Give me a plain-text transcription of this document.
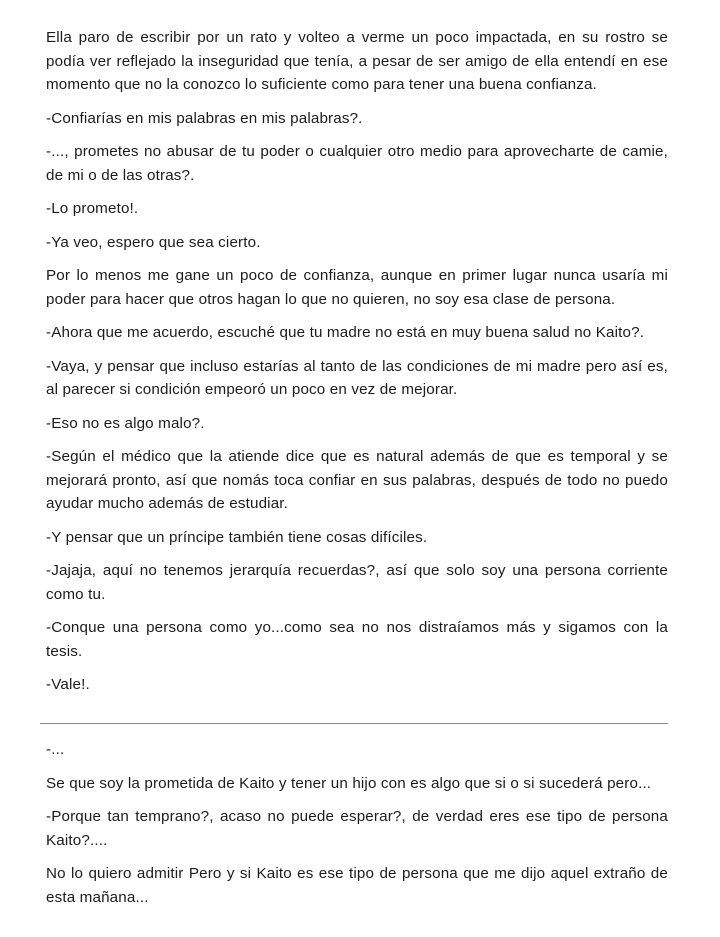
Ella paro de escribir por un rato y volteo a verme un poco impactada, en su rostro se podía ver reflejado la inseguridad que tenía, a pesar de ser amigo de ella entendí en ese momento que no la conozco lo suficiente como para tener una buena confianza.

-Confiarías en mis palabras en mis palabras?.

-..., prometes no abusar de tu poder o cualquier otro medio para aprovecharte de camie, de mi o de las otras?.

-Lo prometo!.

-Ya veo, espero que sea cierto.

Por lo menos me gane un poco de confianza, aunque en primer lugar nunca usaría mi poder para hacer que otros hagan lo que no quieren, no soy esa clase de persona.

-Ahora que me acuerdo, escuché que tu madre no está en muy buena salud no Kaito?.

-Vaya, y pensar que incluso estarías al tanto de las condiciones de mi madre pero así es, al parecer si condición empeoró un poco en vez de mejorar.

-Eso no es algo malo?.

-Según el médico que la atiende dice que es natural además de que es temporal y se mejorará pronto, así que nomás toca confiar en sus palabras, después de todo no puedo ayudar mucho además de estudiar.

-Y pensar que un príncipe también tiene cosas difíciles.

-Jajaja, aquí no tenemos jerarquía recuerdas?, así que solo soy una persona corriente como tu.

-Conque una persona como yo...como sea no nos distraíamos más y sigamos con la tesis.

-Vale!.

-...

Se que soy la prometida de Kaito y tener un hijo con es algo que si o si sucederá pero...

-Porque tan temprano?, acaso no puede esperar?, de verdad eres ese tipo de persona Kaito?....

No lo quiero admitir Pero y si Kaito es ese tipo de persona que me dijo aquel extraño de esta mañana...
